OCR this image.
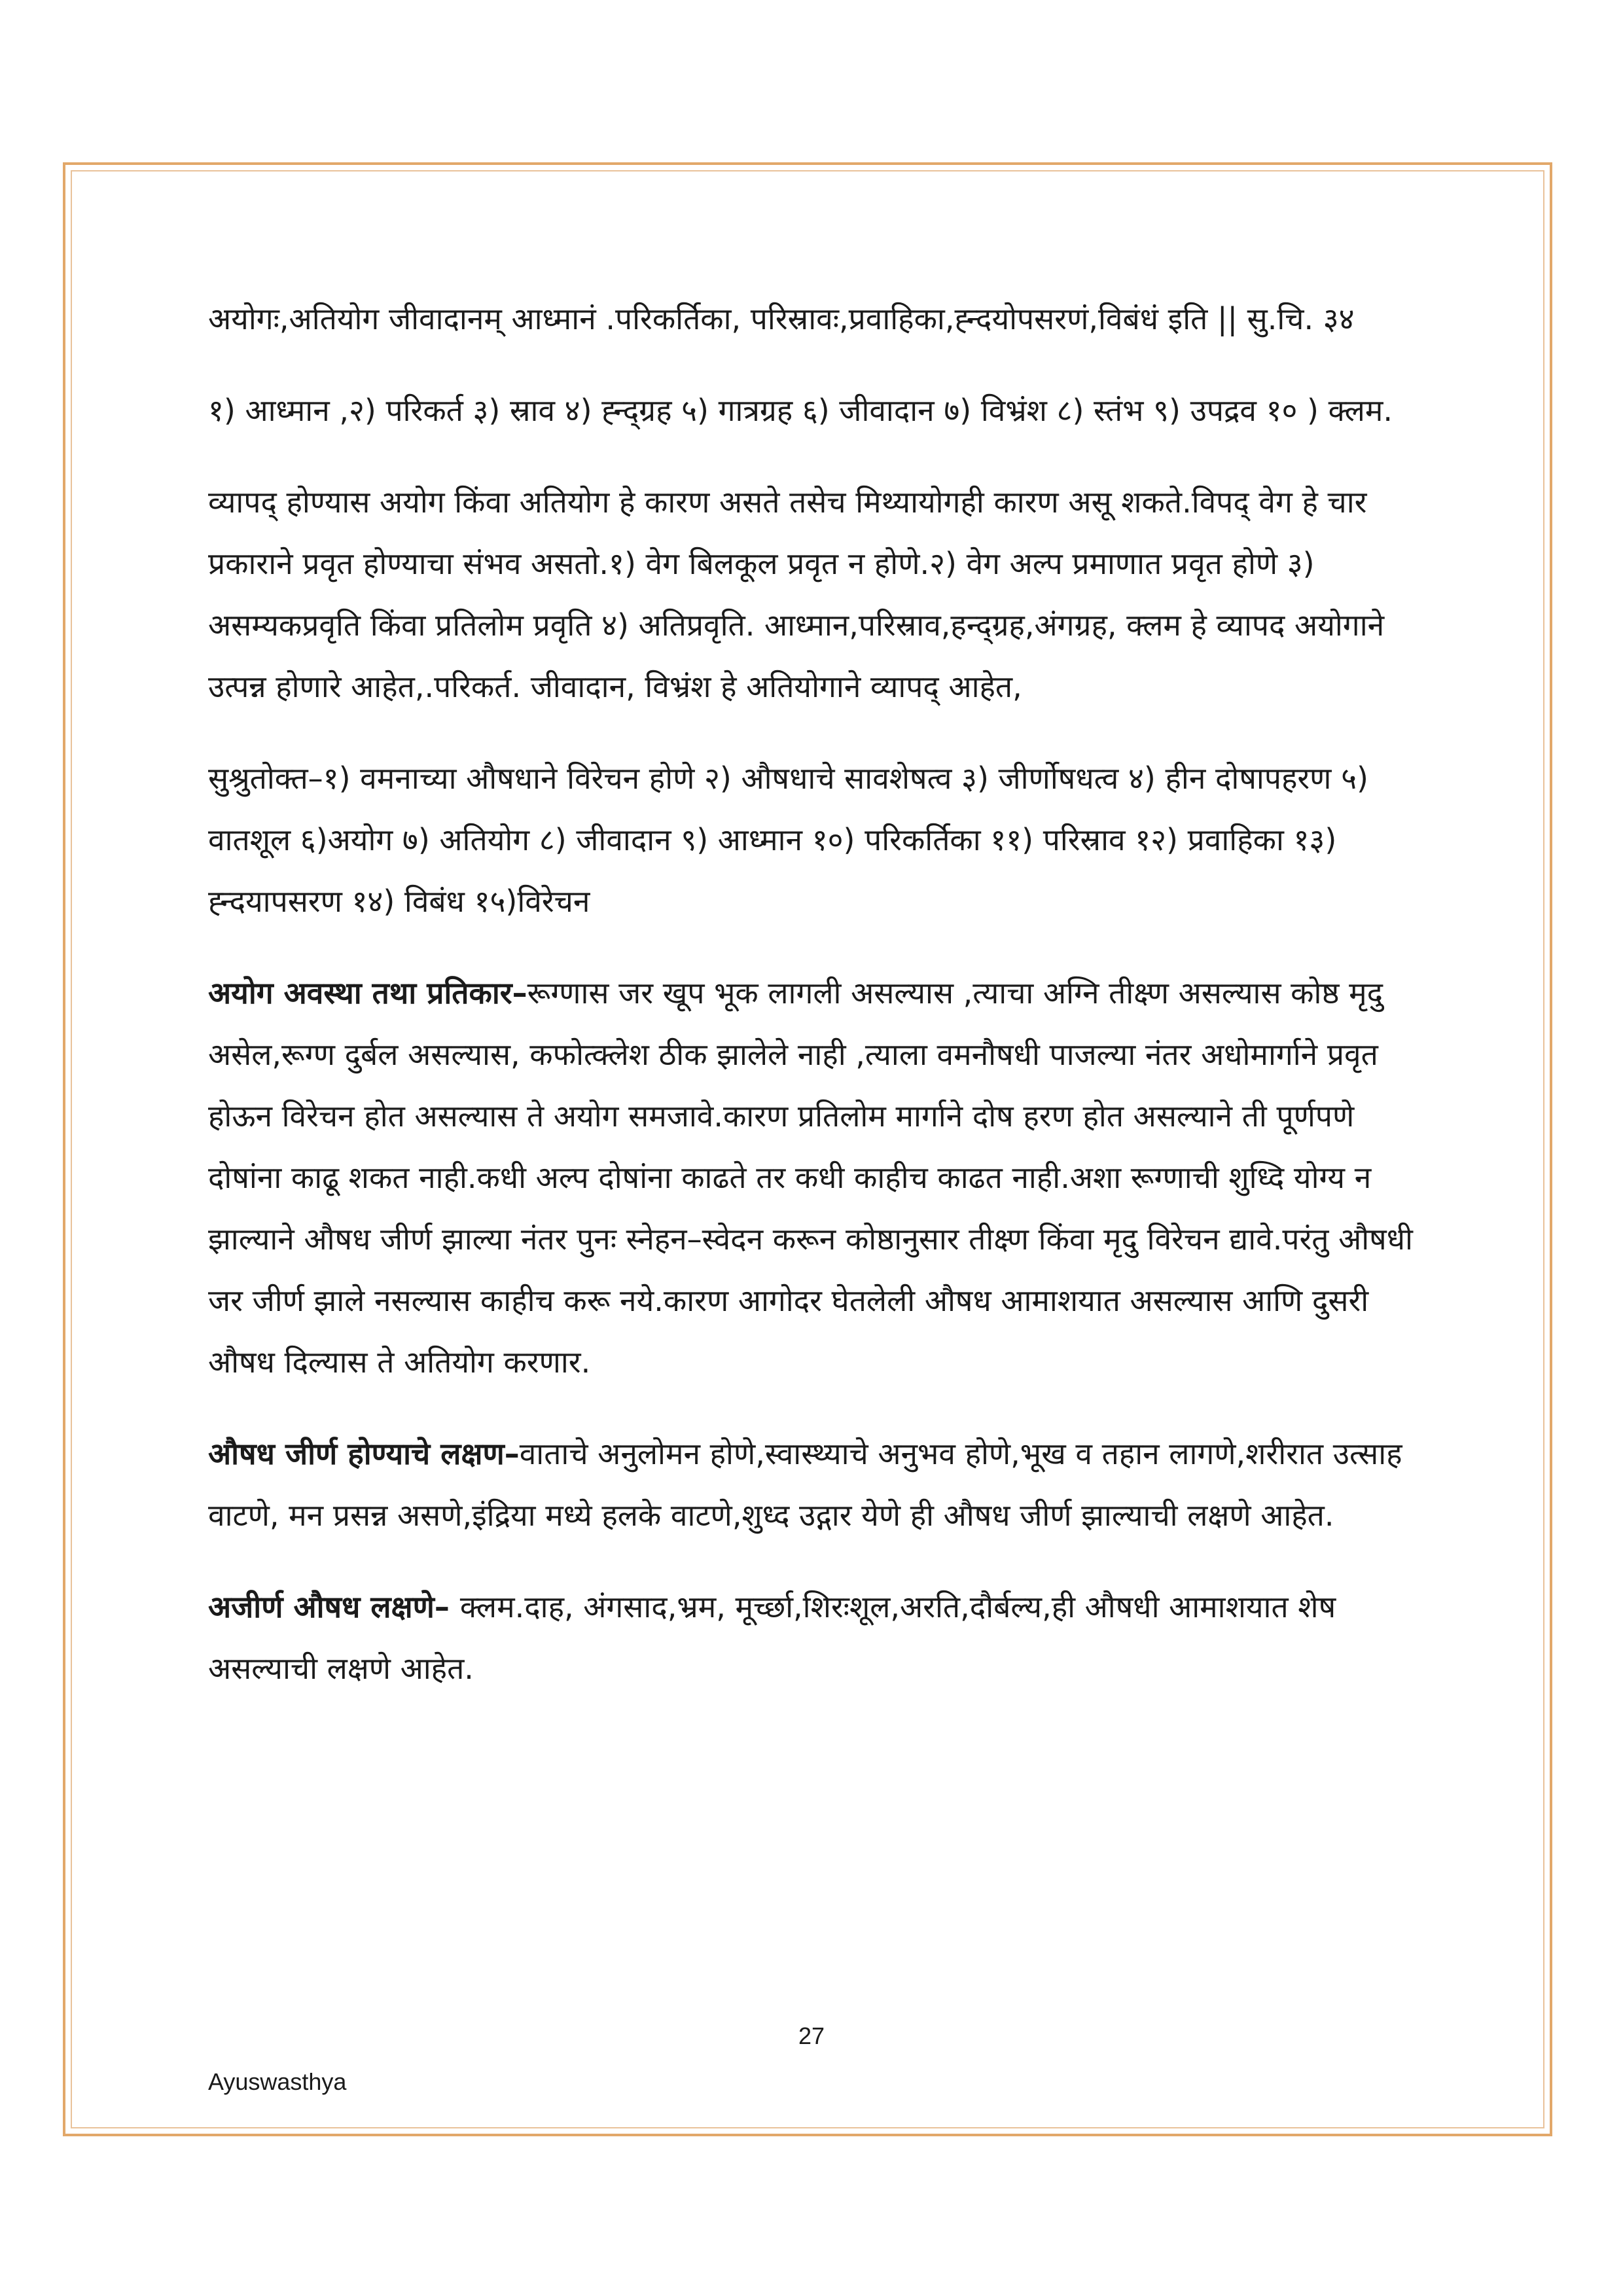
अयोगः,अतियोग जीवादानम् आध्मानं .परिकर्तिका, परिस्रावः,प्रवाहिका,ह्न्दयोपसरणं,विबंधं इति || सु.चि. ३४

१) आध्मान ,२) परिकर्त ३) स्राव ४) ह्न्द्ग्रह ५) गात्रग्रह ६) जीवादान ७) विभ्रंश ८) स्तंभ ९) उपद्रव १० ) क्लम.

व्यापद् होण्यास अयोग किंवा अतियोग हे कारण असते तसेच मिथ्यायोगही कारण असू शकते.विपद् वेग हे चार प्रकाराने प्रवृत होण्याचा संभव असतो.१) वेग बिलकूल प्रवृत न होणे.२) वेग अल्प प्रमाणात प्रवृत होणे ३) असम्यकप्रवृति किंवा प्रतिलोम प्रवृति ४) अतिप्रवृति. आध्मान,परिस्राव,हन्द्ग्रह,अंगग्रह, क्लम हे व्यापद अयोगाने उत्पन्न होणारे आहेत,.परिकर्त. जीवादान, विभ्रंश हे अतियोगाने व्यापद् आहेत,

सुश्रुतोक्त–१) वमनाच्या औषधाने विरेचन होणे २) औषधाचे सावशेषत्व ३) जीर्णोषधत्व ४) हीन दोषापहरण ५) वातशूल ६)अयोग ७) अतियोग ८) जीवादान ९) आध्मान १०) परिकर्तिका ११) परिस्राव १२) प्रवाहिका १३) ह्न्दयापसरण १४) विबंध १५)विरेचन

अयोग अवस्था तथा प्रतिकार–रूग्णास जर खूप भूक लागली असल्यास ,त्याचा अग्नि तीक्ष्ण असल्यास कोष्ठ मृदु असेल,रूग्ण दुर्बल असल्यास, कफोत्क्लेश ठीक झालेले नाही ,त्याला वमनौषधी पाजल्या नंतर अधोमार्गाने प्रवृत होऊन विरेचन होत असल्यास ते अयोग समजावे.कारण प्रतिलोम मार्गाने दोष हरण होत असल्याने ती पूर्णपणे दोषांना काढू शकत नाही.कधी अल्प दोषांना काढते तर कधी काहीच काढत नाही.अशा रूग्णाची शुध्दि योग्य न झाल्याने औषध जीर्ण झाल्या नंतर पुनः स्नेहन–स्वेदन करून कोष्ठानुसार तीक्ष्ण किंवा मृदु विरेचन द्यावे.परंतु औषधी जर जीर्ण झाले नसल्यास काहीच करू नये.कारण आगोदर घेतलेली औषध आमाशयात असल्यास आणि दुसरी औषध दिल्यास ते अतियोग करणार.

औषध जीर्ण होण्याचे लक्षण–वाताचे अनुलोमन होणे,स्वास्थ्याचे अनुभव होणे,भूख व तहान लागणे,शरीरात उत्साह वाटणे, मन प्रसन्न असणे,इंद्रिया मध्ये हलके वाटणे,शुध्द उद्गार येणे ही औषध जीर्ण झाल्याची लक्षणे आहेत.

अजीर्ण औषध लक्षणे– क्लम.दाह, अंगसाद,भ्रम, मूर्च्छा,शिरःशूल,अरति,दौर्बल्य,ही औषधी आमाशयात शेष असल्याची लक्षणे आहेत.

27
Ayuswasthya
